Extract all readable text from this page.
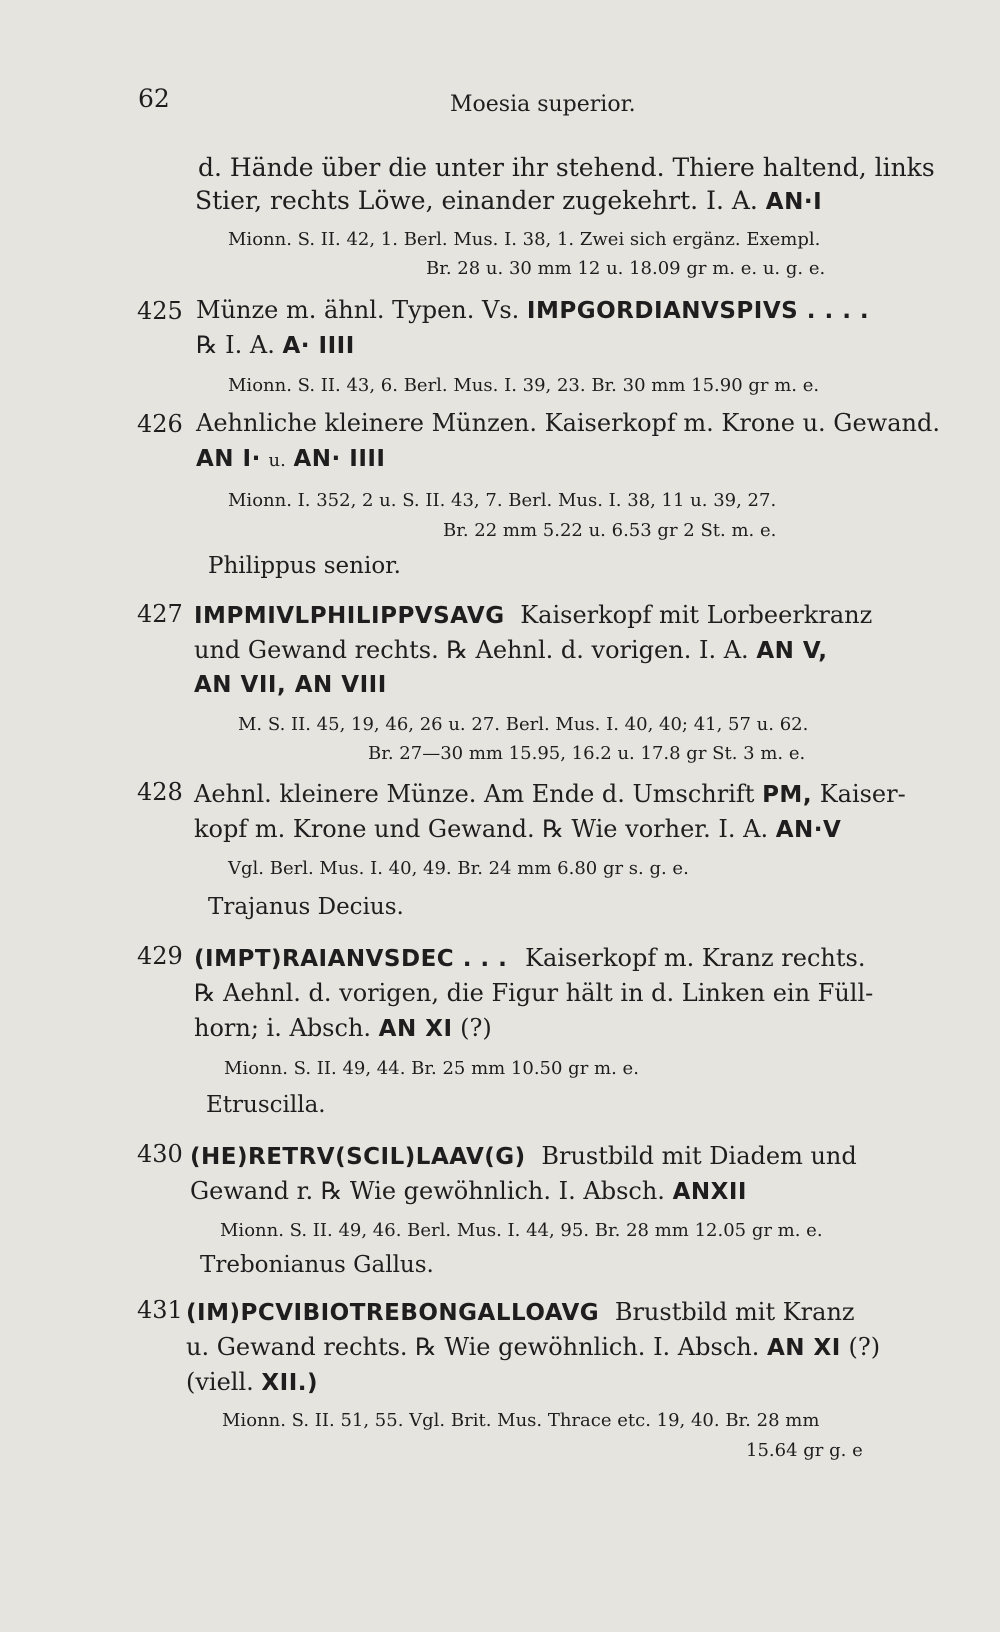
62	Moesia superior.
d. Hände über die unter ihr stehend. Thiere haltend, links
Stier, rechts Löwe, einander zugekehrt. I. A. AN·I
Mionn. S. II. 42, 1. Berl. Mus. I. 38, 1. Zwei sich ergänz. Exempl.
Br. 28 u. 30 mm 12 u. 18.09 gr m. e. u. g. e.
425 Münze m. ähnl. Typen. Vs. IMPGORDIANVSPIVS . . . .
℞ I. A. A· IIII
Mionn. S. II. 43, 6. Berl. Mus. I. 39, 23. Br. 30 mm 15.90 gr m. e.
426 Aehnliche kleinere Münzen. Kaiserkopf m. Krone u. Gewand.
AN I· u. AN· IIII
Mionn. I. 352, 2 u. S. II. 43, 7. Berl. Mus. I. 38, 11 u. 39, 27.
Br. 22 mm 5.22 u. 6.53 gr 2 St. m. e.
Philippus senior.
427 IMPMIVLPHILIPPVSAVG Kaiserkopf mit Lorbeerkranz
und Gewand rechts. ℞ Aehnl. d. vorigen. I. A. AN V,
AN VII, AN VIII
M. S. II. 45, 19, 46, 26 u. 27. Berl. Mus. I. 40, 40; 41, 57 u. 62.
Br. 27—30 mm 15.95, 16.2 u. 17.8 gr St. 3 m. e.
428 Aehnl. kleinere Münze. Am Ende d. Umschrift PM, Kaiser-
kopf m. Krone und Gewand. ℞ Wie vorher. I. A. AN·V
Vgl. Berl. Mus. I. 40, 49. Br. 24 mm 6.80 gr s. g. e.
Trajanus Decius.
429 (IMPT)RAIANVSDEC . . . Kaiserkopf m. Kranz rechts.
℞ Aehnl. d. vorigen, die Figur hält in d. Linken ein Füll-
horn; i. Absch. AN XI (?)
Mionn. S. II. 49, 44. Br. 25 mm 10.50 gr m. e.
Etruscilla.
430 (HE)RETRV(SCIL)LAAV(G) Brustbild mit Diadem und
Gewand r. ℞ Wie gewöhnlich. I. Absch. ANXII
Mionn. S. II. 49, 46. Berl. Mus. I. 44, 95. Br. 28 mm 12.05 gr m. e.
Trebonianus Gallus.
431 (IM)PCVIBIOTREBONGALLOAVG Brustbild mit Kranz
u. Gewand rechts. ℞ Wie gewöhnlich. I. Absch. AN XI (?)
(viell. XII.)
Mionn. S. II. 51, 55. Vgl. Brit. Mus. Thrace etc. 19, 40. Br. 28 mm
15.64 gr g. e
